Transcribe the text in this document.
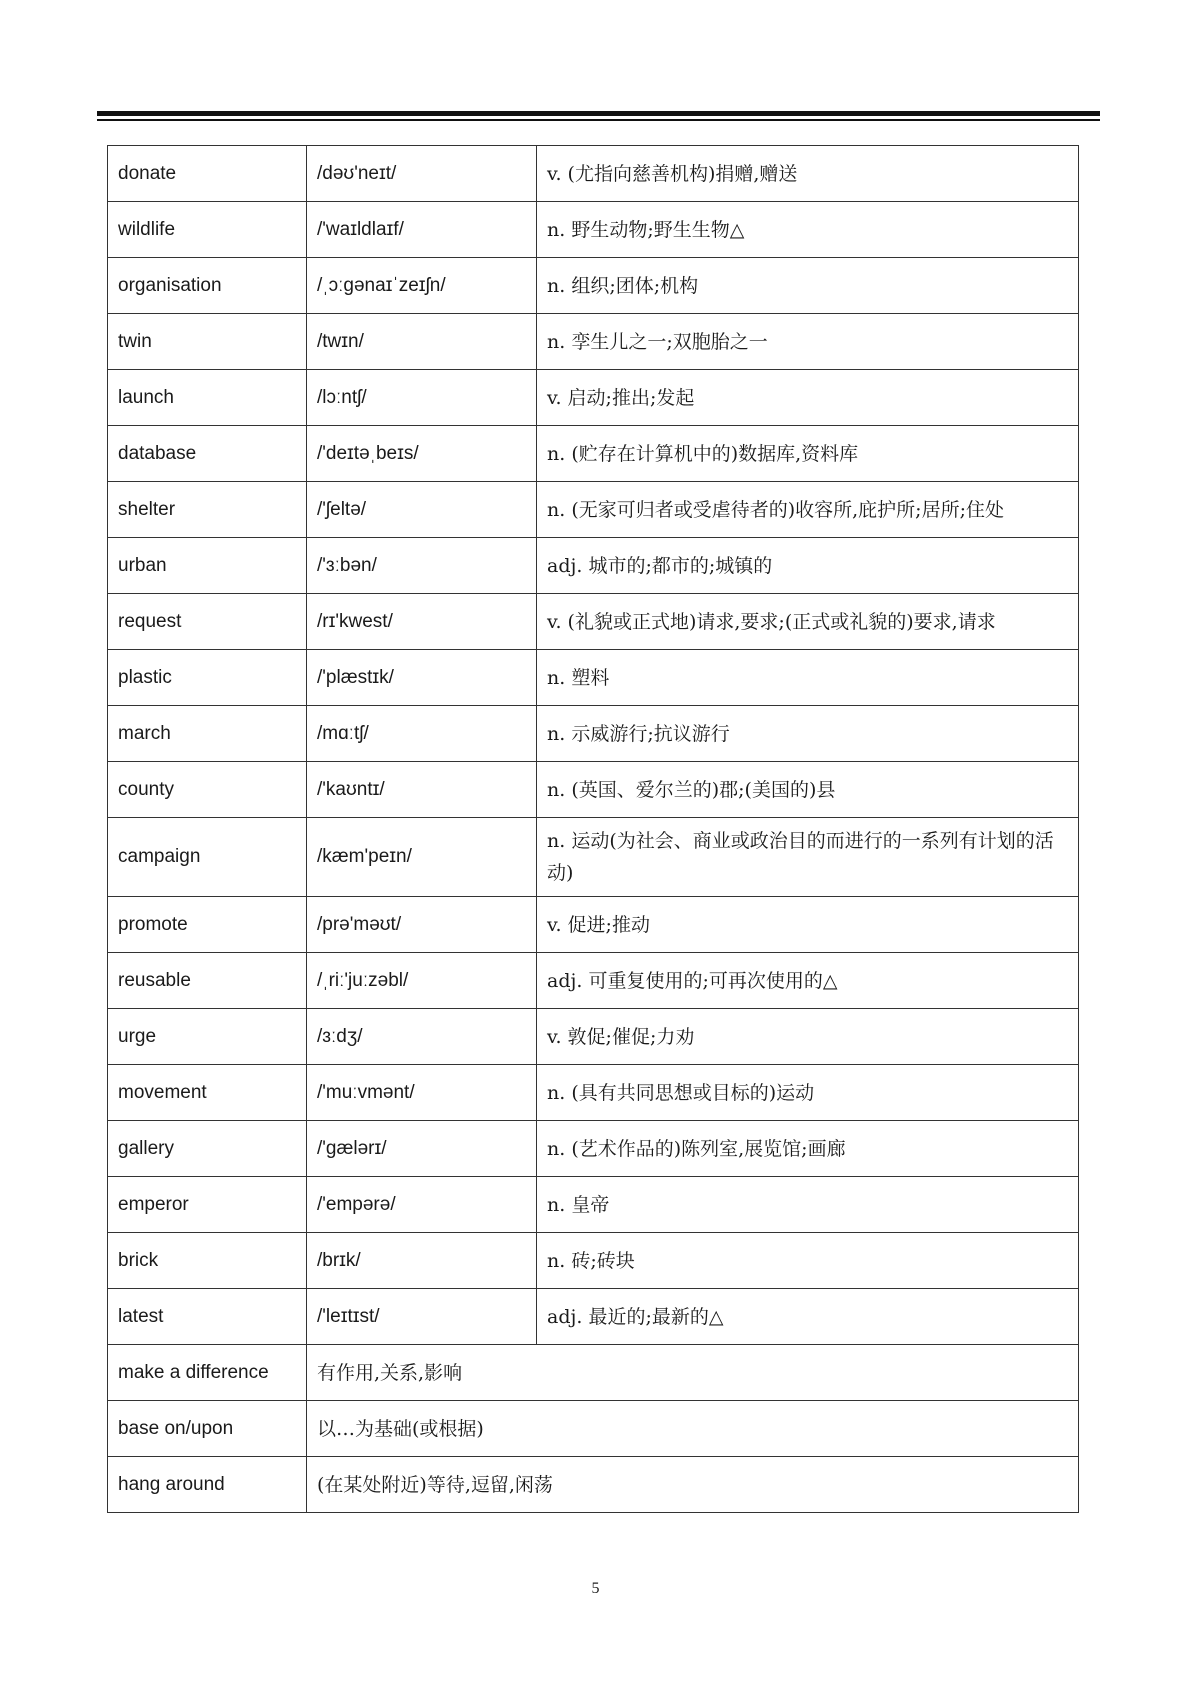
donate	/dəʊ'neɪt/	v. (尤指向慈善机构)捐赠,赠送
wildlife	/'waɪldlaɪf/	n. 野生动物;野生生物△
organisation	/ˌɔːɡənaɪˈzeɪʃn/	n. 组织;团体;机构
twin	/twɪn/	n. 孪生儿之一;双胞胎之一
launch	/lɔːntʃ/	v. 启动;推出;发起
database	/'deɪtəˌbeɪs/	n. (贮存在计算机中的)数据库,资料库
shelter	/'ʃeltə/	n. (无家可归者或受虐待者的)收容所,庇护所;居所;住处
urban	/'ɜːbən/	adj. 城市的;都市的;城镇的
request	/rɪ'kwest/	v. (礼貌或正式地)请求,要求;(正式或礼貌的)要求,请求
plastic	/'plæstɪk/	n. 塑料
march	/mɑːtʃ/	n. 示威游行;抗议游行
county	/'kaʊntɪ/	n. (英国、爱尔兰的)郡;(美国的)县
campaign	/kæm'peɪn/	n. 运动(为社会、商业或政治目的而进行的一系列有计划的活动)
promote	/prə'məʊt/	v. 促进;推动
reusable	/ˌriː'juːzəbl/	adj. 可重复使用的;可再次使用的△
urge	/ɜːdʒ/	v. 敦促;催促;力劝
movement	/'muːvmənt/	n. (具有共同思想或目标的)运动
gallery	/'gælərɪ/	n. (艺术作品的)陈列室,展览馆;画廊
emperor	/'empərə/	n. 皇帝
brick	/brɪk/	n. 砖;砖块
latest	/'leɪtɪst/	adj. 最近的;最新的△
make a difference	有作用,关系,影响	
base on/upon	以…为基础(或根据)	
hang around	(在某处附近)等待,逗留,闲荡	
5
